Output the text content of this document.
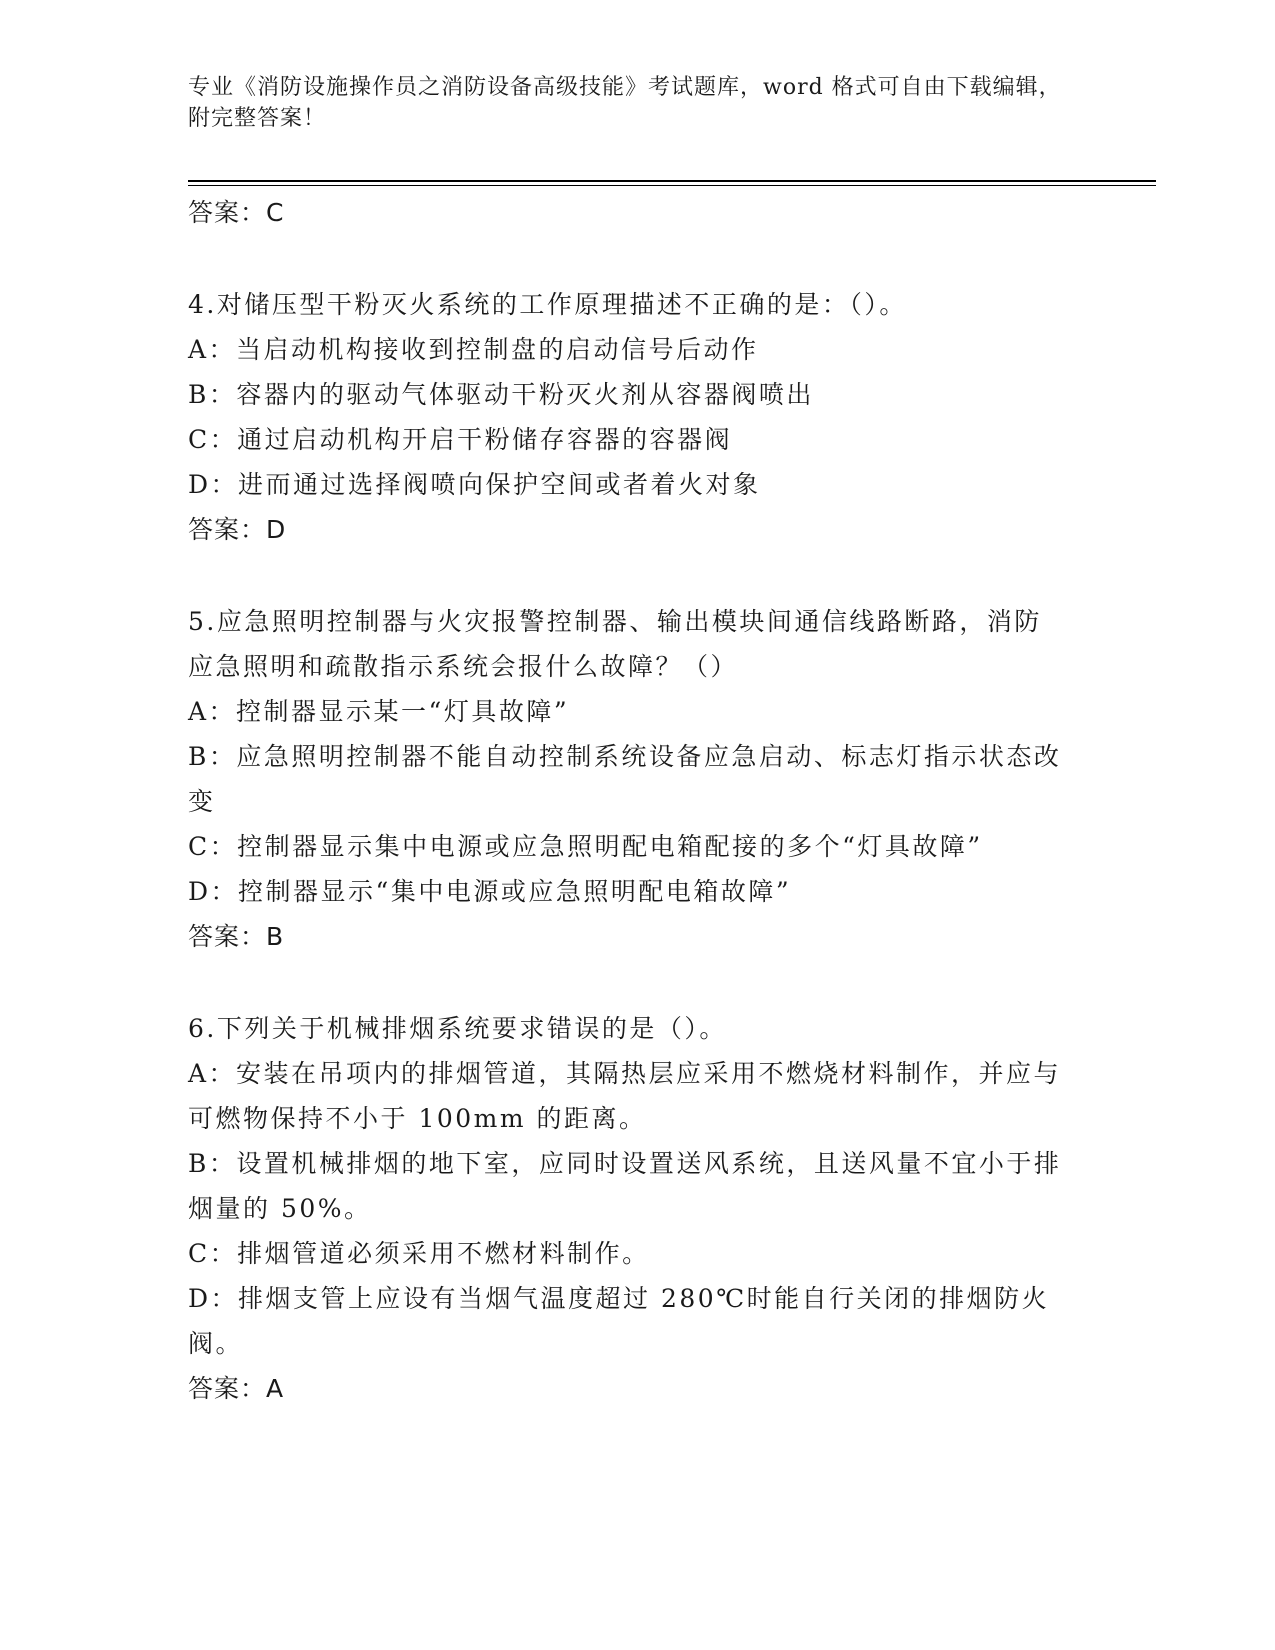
专业《消防设施操作员之消防设备高级技能》考试题库，word 格式可自由下载编辑，附完整答案！
答案：C
4.对储压型干粉灭火系统的工作原理描述不正确的是：（）。
A：当启动机构接收到控制盘的启动信号后动作
B：容器内的驱动气体驱动干粉灭火剂从容器阀喷出
C：通过启动机构开启干粉储存容器的容器阀
D：进而通过选择阀喷向保护空间或者着火对象
答案：D
5.应急照明控制器与火灾报警控制器、输出模块间通信线路断路，消防应急照明和疏散指示系统会报什么故障？（）
A：控制器显示某一“灯具故障”
B：应急照明控制器不能自动控制系统设备应急启动、标志灯指示状态改变
C：控制器显示集中电源或应急照明配电箱配接的多个“灯具故障”
D：控制器显示“集中电源或应急照明配电箱故障”
答案：B
6.下列关于机械排烟系统要求错误的是（）。
A：安装在吊项内的排烟管道，其隔热层应采用不燃烧材料制作，并应与可燃物保持不小于 100mm 的距离。
B：设置机械排烟的地下室，应同时设置送风系统，且送风量不宜小于排烟量的 50%。
C：排烟管道必须采用不燃材料制作。
D：排烟支管上应设有当烟气温度超过 280℃时能自行关闭的排烟防火阀。
答案：A
